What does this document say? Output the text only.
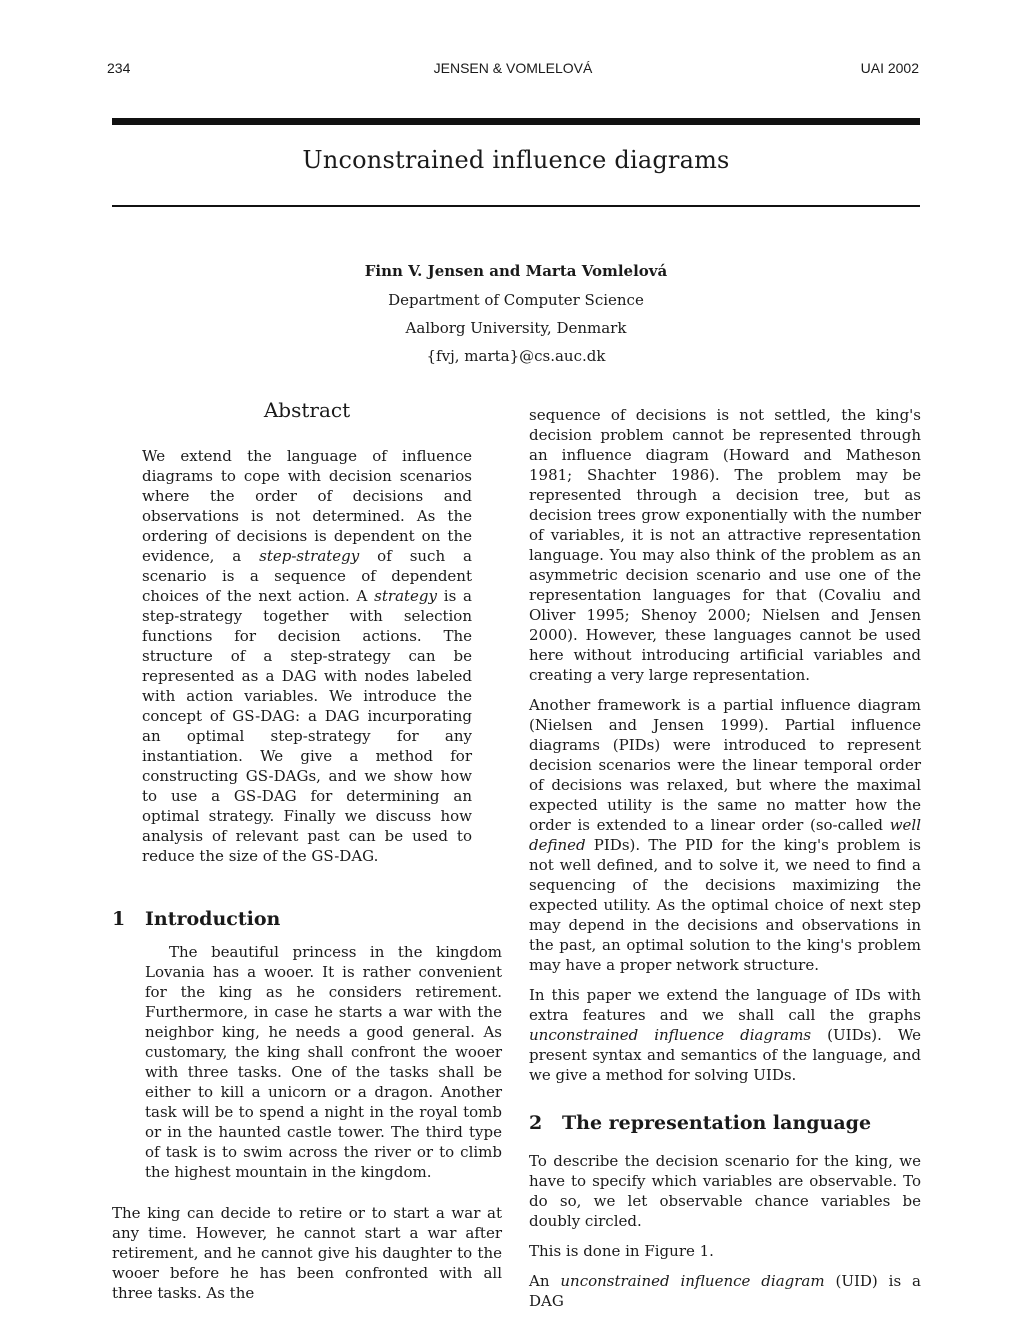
234	JENSEN & VOMLELOVÁ	UAI 2002
Unconstrained influence diagrams
Finn V. Jensen and Marta Vomlelová
Department of Computer Science
Aalborg University, Denmark
{fvj, marta}@cs.auc.dk
Abstract

We extend the language of influence diagrams to cope with decision scenarios where the order of decisions and observations is not determined. As the ordering of decisions is dependent on the evidence, a step-strategy of such a scenario is a sequence of dependent choices of the next action. A strategy is a step-strategy together with selection functions for decision actions. The structure of a step-strategy can be represented as a DAG with nodes labeled with action variables. We introduce the concept of GS-DAG: a DAG incurporating an optimal step-strategy for any instantiation. We give a method for constructing GS-DAGs, and we show how to use a GS-DAG for determining an optimal strategy. Finally we discuss how analysis of relevant past can be used to reduce the size of the GS-DAG.

1	Introduction

The beautiful princess in the kingdom Lovania has a wooer. It is rather convenient for the king as he considers retirement. Furthermore, in case he starts a war with the neighbor king, he needs a good general. As customary, the king shall confront the wooer with three tasks. One of the tasks shall be either to kill a unicorn or a dragon. Another task will be to spend a night in the royal tomb or in the haunted castle tower. The third type of task is to swim across the river or to climb the highest mountain in the kingdom.

The king can decide to retire or to start a war at any time. However, he cannot start a war after retirement, and he cannot give his daughter to the wooer before he has been confronted with all three tasks. As the

sequence of decisions is not settled, the king's decision problem cannot be represented through an influence diagram (Howard and Matheson 1981; Shachter 1986). The problem may be represented through a decision tree, but as decision trees grow exponentially with the number of variables, it is not an attractive representation language. You may also think of the problem as an asymmetric decision scenario and use one of the representation languages for that (Covaliu and Oliver 1995; Shenoy 2000; Nielsen and Jensen 2000). However, these languages cannot be used here without introducing artificial variables and creating a very large representation.

Another framework is a partial influence diagram (Nielsen and Jensen 1999). Partial influence diagrams (PIDs) were introduced to represent decision scenarios were the linear temporal order of decisions was relaxed, but where the maximal expected utility is the same no matter how the order is extended to a linear order (so-called well defined PIDs). The PID for the king's problem is not well defined, and to solve it, we need to find a sequencing of the decisions maximizing the expected utility. As the optimal choice of next step may depend in the decisions and observations in the past, an optimal solution to the king's problem may have a proper network structure.

In this paper we extend the language of IDs with extra features and we shall call the graphs unconstrained influence diagrams (UIDs). We present syntax and semantics of the language, and we give a method for solving UIDs.

2	The representation language

To describe the decision scenario for the king, we have to specify which variables are observable. To do so, we let observable chance variables be doubly circled.

This is done in Figure 1.

An unconstrained influence diagram (UID) is a DAG
